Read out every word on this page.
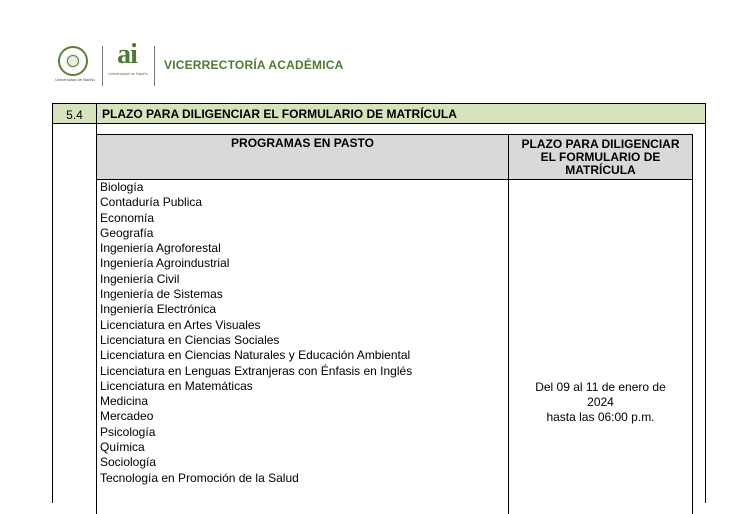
Universidad de Nariño
ai
Universidad de Nariño
VICERRECTORÍA ACADÉMICA
5.4	PLAZO PARA DILIGENCIAR EL FORMULARIO DE MATRÍCULA
PROGRAMAS EN PASTO	PLAZO PARA DILIGENCIAR EL FORMULARIO DE MATRÍCULA
Biología
Contaduría Publica
Economía
Geografía
Ingeniería Agroforestal
Ingeniería Agroindustrial
Ingeniería Civil
Ingeniería de Sistemas
Ingeniería Electrónica
Licenciatura en Artes Visuales
Licenciatura en Ciencias Sociales
Licenciatura en Ciencias Naturales y Educación Ambiental
Licenciatura en Lenguas Extranjeras con Énfasis en Inglés
Licenciatura en Matemáticas
Medicina
Mercadeo
Psicología
Química
Sociología
Tecnología en Promoción de la Salud
Del 09 al 11 de enero de
2024
hasta las 06:00 p.m.
